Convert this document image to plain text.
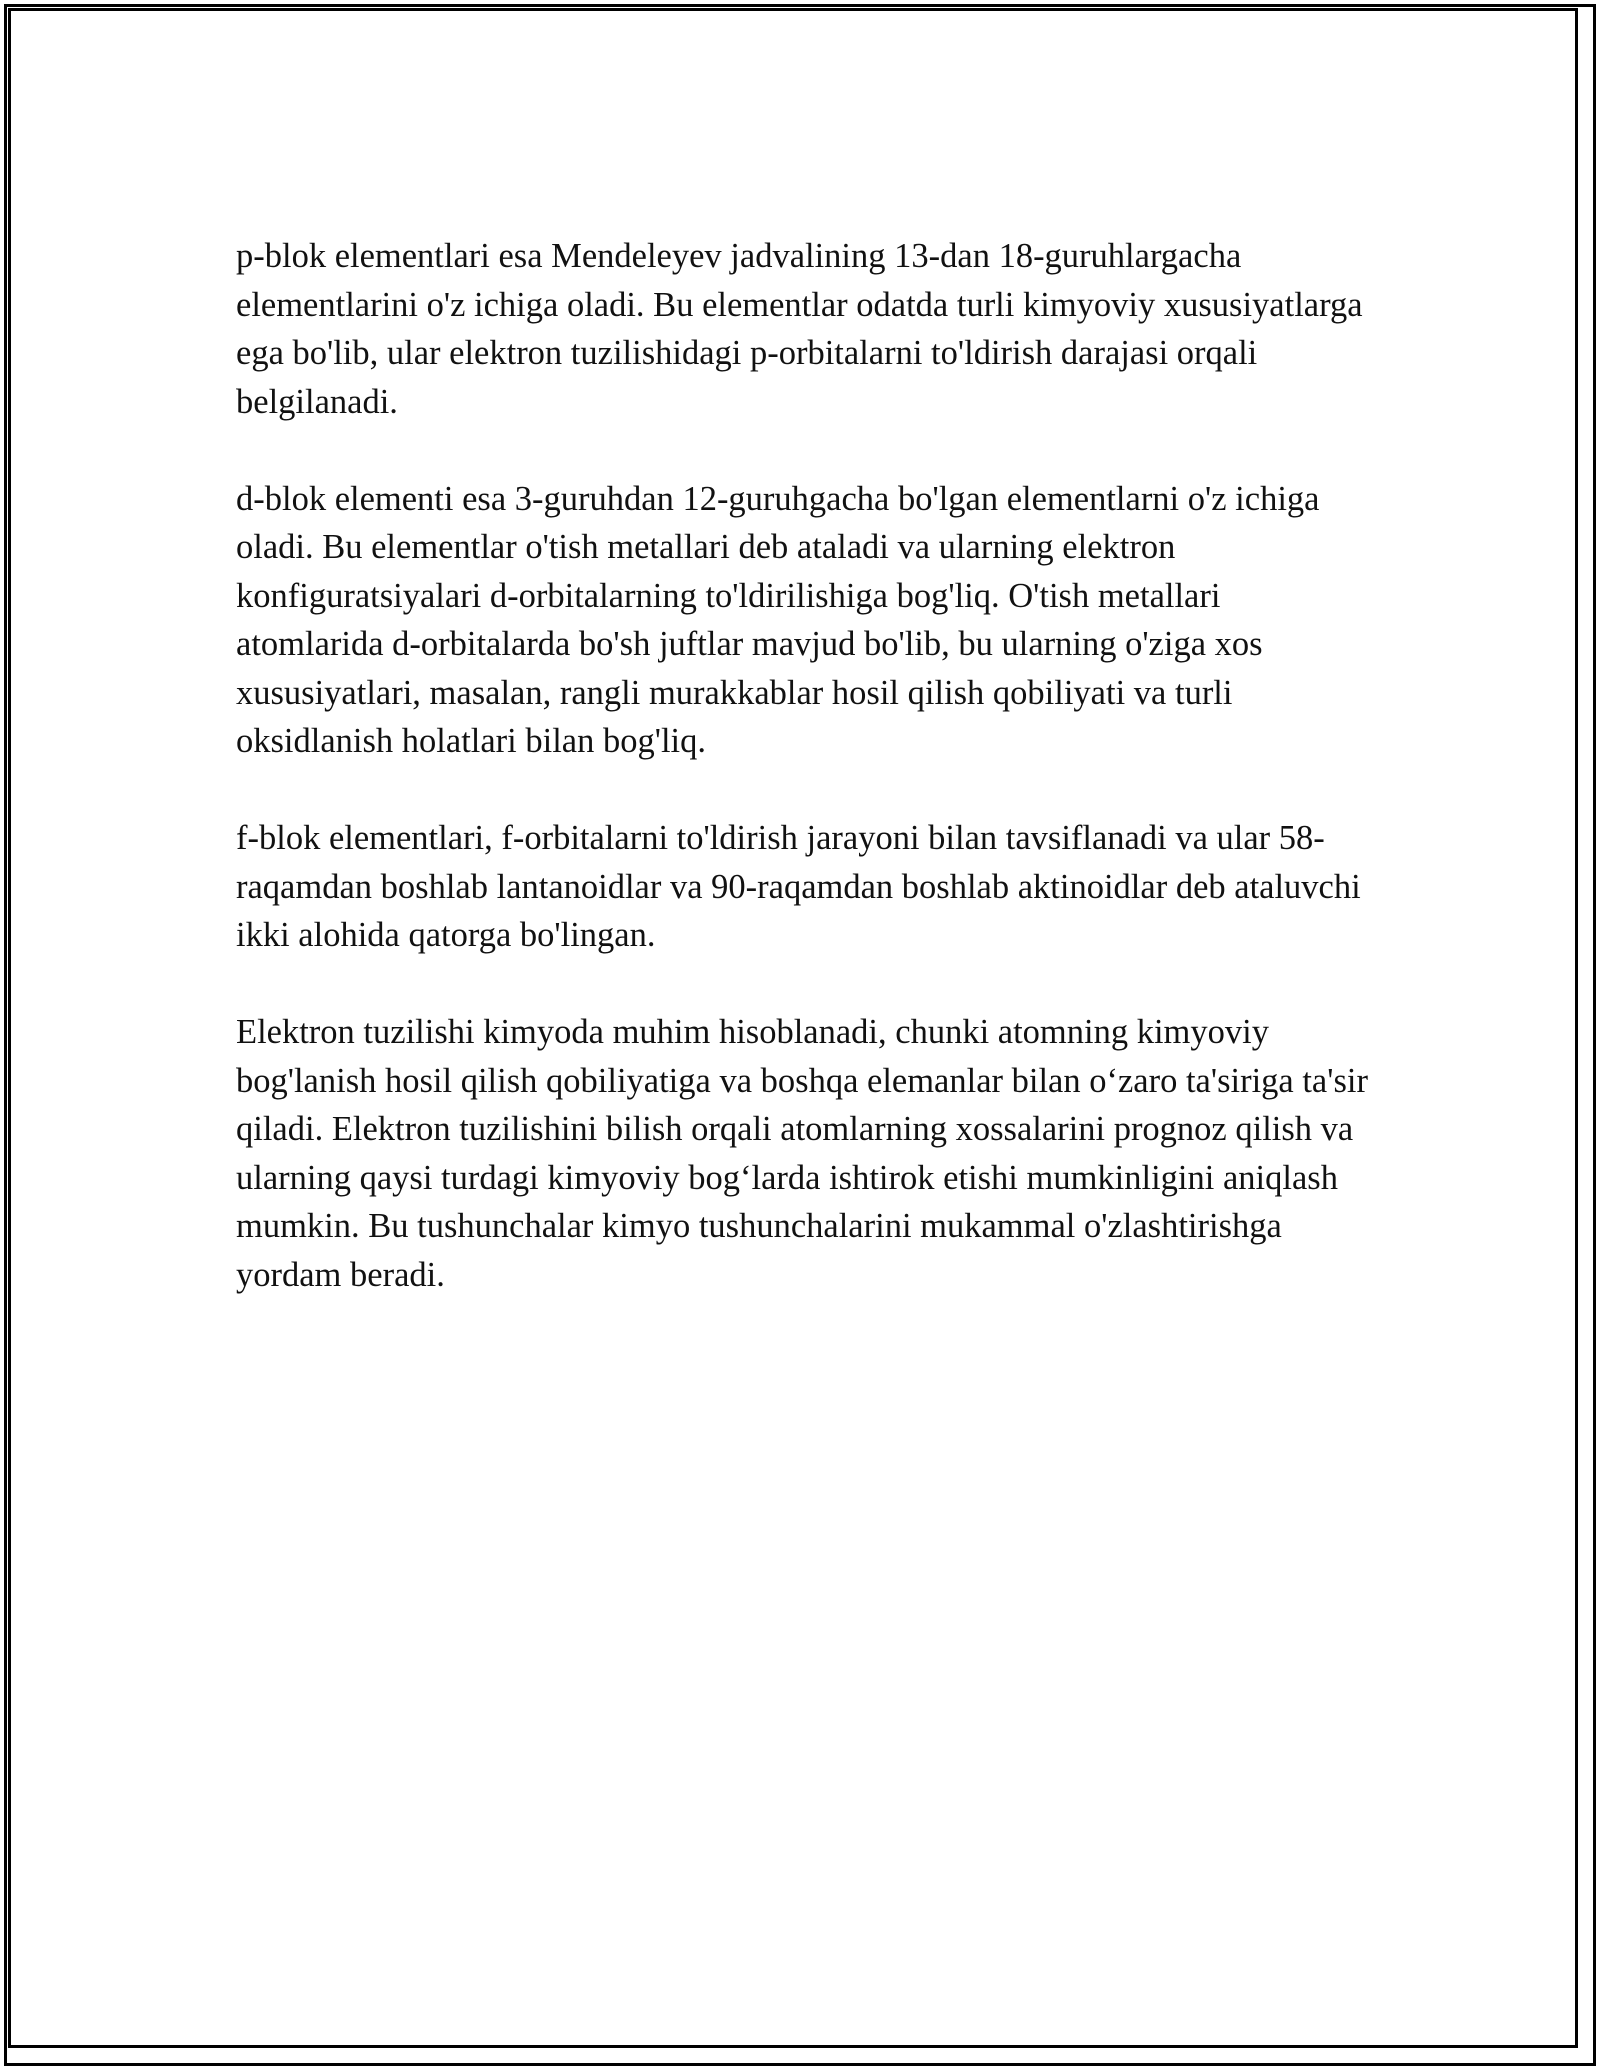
p-blok elementlari esa Mendeleyev jadvalining 13-dan 18-guruhlargacha elementlarini o'z ichiga oladi. Bu elementlar odatda turli kimyoviy xususiyatlarga ega bo'lib, ular elektron tuzilishidagi p-orbitalarni to'ldirish darajasi orqali belgilanadi.

d-blok elementi esa 3-guruhdan 12-guruhgacha bo'lgan elementlarni o'z ichiga oladi. Bu elementlar o'tish metallari deb ataladi va ularning elektron konfiguratsiyalari d-orbitalarning to'ldirilishiga bog'liq. O'tish metallari atomlarida d-orbitalarda bo'sh juftlar mavjud bo'lib, bu ularning o'ziga xos xususiyatlari, masalan, rangli murakkablar hosil qilish qobiliyati va turli oksidlanish holatlari bilan bog'liq.

f-blok elementlari, f-orbitalarni to'ldirish jarayoni bilan tavsiflanadi va ular 58-raqamdan boshlab lantanoidlar va 90-raqamdan boshlab aktinoidlar deb ataluvchi ikki alohida qatorga bo'lingan.

Elektron tuzilishi kimyoda muhim hisoblanadi, chunki atomning kimyoviy bog'lanish hosil qilish qobiliyatiga va boshqa elemanlar bilan o‘zaro ta'siriga ta'sir qiladi. Elektron tuzilishini bilish orqali atomlarning xossalarini prognoz qilish va ularning qaysi turdagi kimyoviy bog‘larda ishtirok etishi mumkinligini aniqlash mumkin. Bu tushunchalar kimyo tushunchalarini mukammal o'zlashtirishga yordam beradi.
